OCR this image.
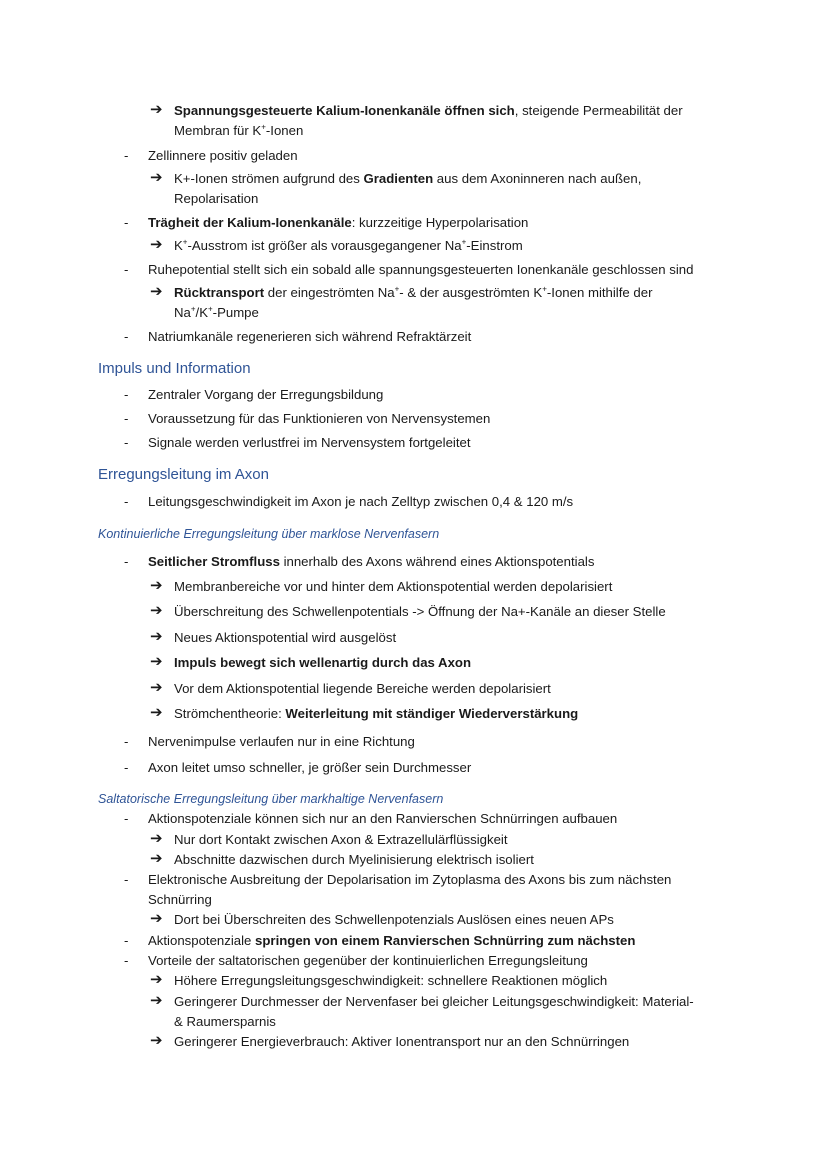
➔ Spannungsgesteuerte Kalium-Ionenkanäle öffnen sich, steigende Permeabilität der
Membran für K+-Ionen
- Zellinnere positiv geladen
➔ K+-Ionen strömen aufgrund des Gradienten aus dem Axoninneren nach außen,
Repolarisation
- Trägheit der Kalium-Ionenkanäle: kurzzeitige Hyperpolarisation
➔ K+-Ausstrom ist größer als vorausgegangener Na+-Einstrom
- Ruhepotential stellt sich ein sobald alle spannungsgesteuerten Ionenkanäle geschlossen sind
➔ Rücktransport der eingeströmten Na+- & der ausgeströmten K+-Ionen mithilfe der
Na+/K+-Pumpe
- Natriumkanäle regenerieren sich während Refraktärzeit
Impuls und Information
- Zentraler Vorgang der Erregungsbildung
- Voraussetzung für das Funktionieren von Nervensystemen
- Signale werden verlustfrei im Nervensystem fortgeleitet
Erregungsleitung im Axon
- Leitungsgeschwindigkeit im Axon je nach Zelltyp zwischen 0,4 & 120 m/s
Kontinuierliche Erregungsleitung über marklose Nervenfasern
- Seitlicher Stromfluss innerhalb des Axons während eines Aktionspotentials
➔ Membranbereiche vor und hinter dem Aktionspotential werden depolarisiert
➔ Überschreitung des Schwellenpotentials -> Öffnung der Na+-Kanäle an dieser Stelle
➔ Neues Aktionspotential wird ausgelöst
➔ Impuls bewegt sich wellenartig durch das Axon
➔ Vor dem Aktionspotential liegende Bereiche werden depolarisiert
➔ Strömchentheorie: Weiterleitung mit ständiger Wiederverstärkung
- Nervenimpulse verlaufen nur in eine Richtung
- Axon leitet umso schneller, je größer sein Durchmesser
Saltatorische Erregungsleitung über markhaltige Nervenfasern
- Aktionspotenziale können sich nur an den Ranvierschen Schnürringen aufbauen
➔ Nur dort Kontakt zwischen Axon & Extrazellulärflüssigkeit
➔ Abschnitte dazwischen durch Myelinisierung elektrisch isoliert
- Elektronische Ausbreitung der Depolarisation im Zytoplasma des Axons bis zum nächsten
Schnürring
➔ Dort bei Überschreiten des Schwellenpotenzials Auslösen eines neuen APs
- Aktionspotenziale springen von einem Ranvierschen Schnürring zum nächsten
- Vorteile der saltatorischen gegenüber der kontinuierlichen Erregungsleitung
➔ Höhere Erregungsleitungsgeschwindigkeit: schnellere Reaktionen möglich
➔ Geringerer Durchmesser der Nervenfaser bei gleicher Leitungsgeschwindigkeit: Material-
& Raumersparnis
➔ Geringerer Energieverbrauch: Aktiver Ionentransport nur an den Schnürringen
